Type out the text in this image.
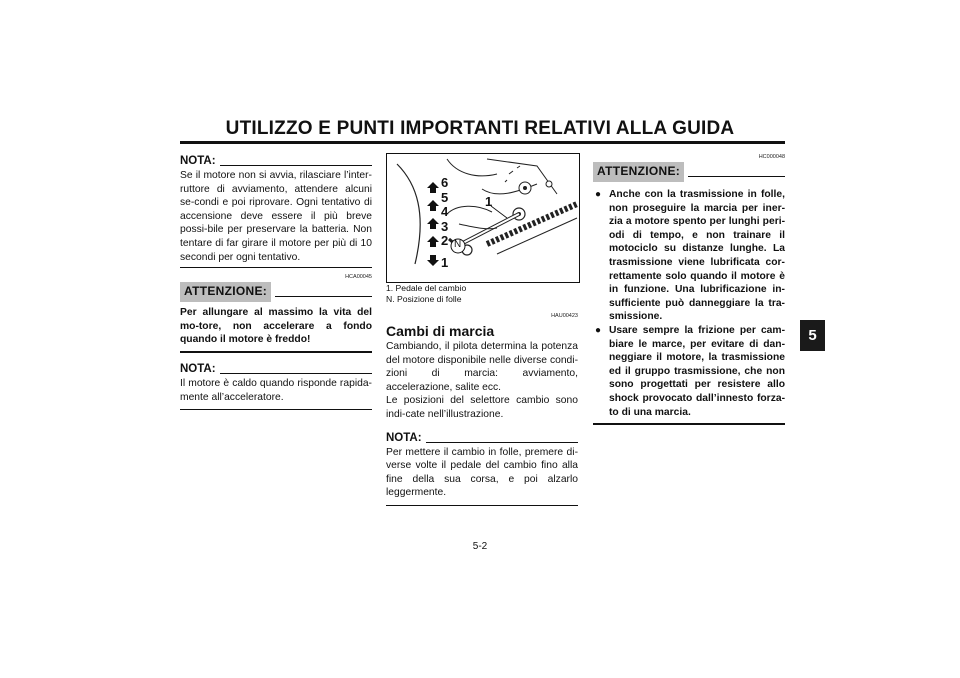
UTILIZZO E PUNTI IMPORTANTI RELATIVI ALLA GUIDA
5
NOTA:

Se il motore non si avvia, rilasciare l’inter-ruttore di avviamento, attendere alcuni se-condi e poi riprovare. Ogni tentativo di accensione deve essere il più breve possi-bile per preservare la batteria. Non tentare di far girare il motore per più di 10 secondi per ogni tentativo.

HCA00045
ATTENZIONE:

Per allungare al massimo la vita del mo-tore, non accelerare a fondo quando il motore è freddo!

NOTA:

Il motore è caldo quando risponde rapida-mente all’acceleratore.

6
5
4
3
2
1
1
N
1. Pedale del cambio
N. Posizione di folle
HAU00423
Cambi di marcia

Cambiando, il pilota determina la potenza del motore disponibile nelle diverse condi-zioni di marcia: avviamento, accelerazione, salite ecc.

Le posizioni del selettore cambio sono indi-cate nell’illustrazione.

NOTA:

Per mettere il cambio in folle, premere di-verse volte il pedale del cambio fino alla fine della sua corsa, e poi alzarlo leggermente.

HC000048
ATTENZIONE:
● Anche con la trasmissione in folle, non proseguire la marcia per iner-zia a motore spento per lunghi peri-odi di tempo, e non trainare il motociclo su distanze lunghe. La trasmissione viene lubrificata cor-rettamente solo quando il motore è in funzione. Una lubrificazione in-sufficiente può danneggiare la tra-smissione.
● Usare sempre la frizione per cam-biare le marce, per evitare di dan-neggiare il motore, la trasmissione ed il gruppo trasmissione, che non sono progettati per resistere allo shock provocato dall’innesto forza-to di una marcia.
5-2
